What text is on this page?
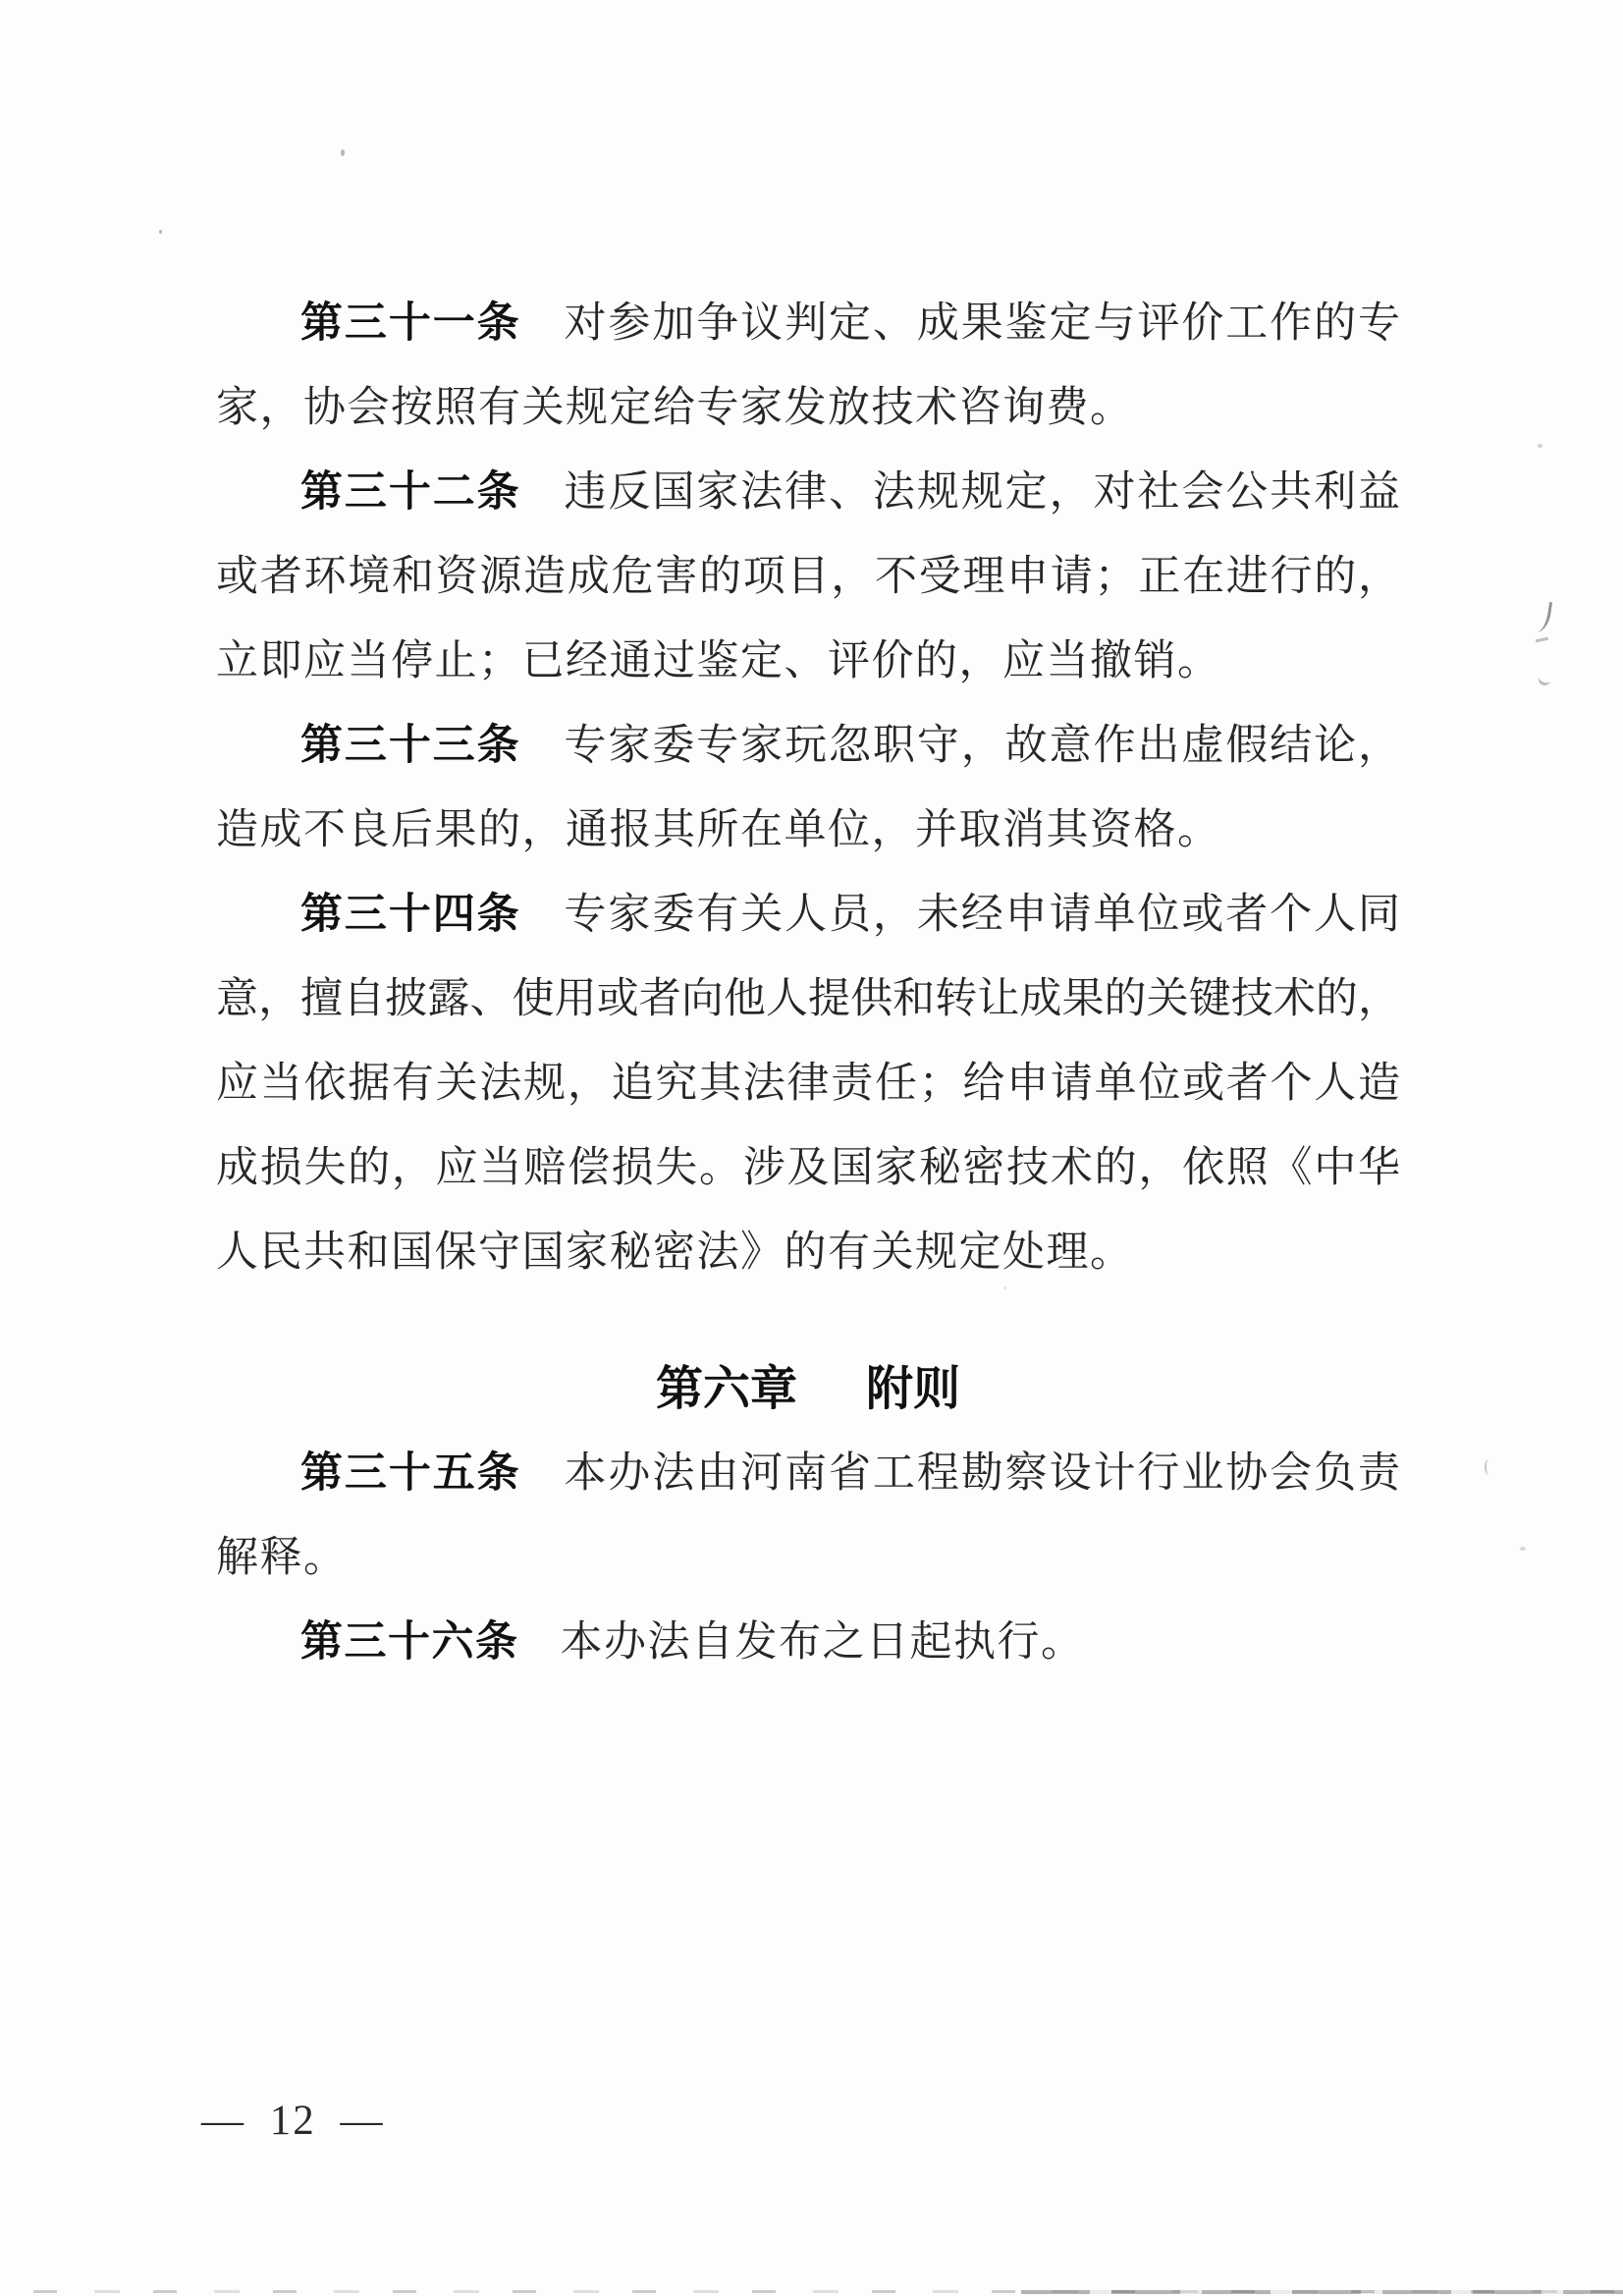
第三十一条 对参加争议判定、成果鉴定与评价工作的专
家，协会按照有关规定给专家发放技术咨询费。
第三十二条 违反国家法律、法规规定，对社会公共利益
或者环境和资源造成危害的项目，不受理申请；正在进行的，
立即应当停止；已经通过鉴定、评价的，应当撤销。
第三十三条 专家委专家玩忽职守，故意作出虚假结论，
造成不良后果的，通报其所在单位，并取消其资格。
第三十四条 专家委有关人员，未经申请单位或者个人同
意，擅自披露、使用或者向他人提供和转让成果的关键技术的，
应当依据有关法规，追究其法律责任；给申请单位或者个人造
成损失的，应当赔偿损失。涉及国家秘密技术的，依照《中华
人民共和国保守国家秘密法》的有关规定处理。
第六章 附则
第三十五条 本办法由河南省工程勘察设计行业协会负责
解释。
第三十六条 本办法自发布之日起执行。
— 12 —
